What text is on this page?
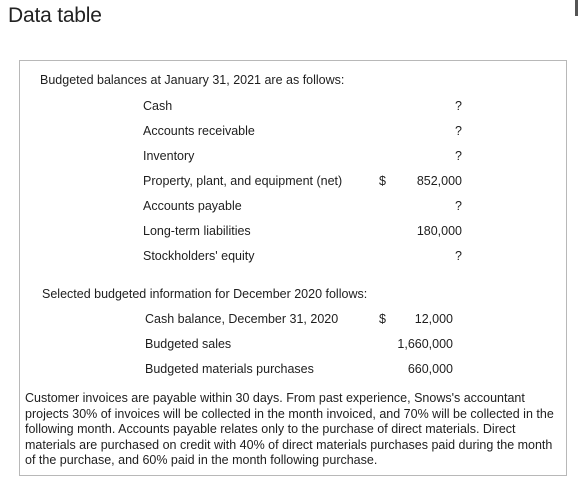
Data table
Budgeted balances at January 31, 2021 are as follows:
Cash	?
Accounts receivable	?
Inventory	?
Property, plant, and equipment (net)	$ 852,000
Accounts payable	?
Long-term liabilities	180,000
Stockholders' equity	?
Selected budgeted information for December 2020 follows:
Cash balance, December 31, 2020	$ 12,000
Budgeted sales	1,660,000
Budgeted materials purchases	660,000
Customer invoices are payable within 30 days. From past experience, Snows's accountant projects 30% of invoices will be collected in the month invoiced, and 70% will be collected in the following month. Accounts payable relates only to the purchase of direct materials. Direct materials are purchased on credit with 40% of direct materials purchases paid during the month of the purchase, and 60% paid in the month following purchase.
